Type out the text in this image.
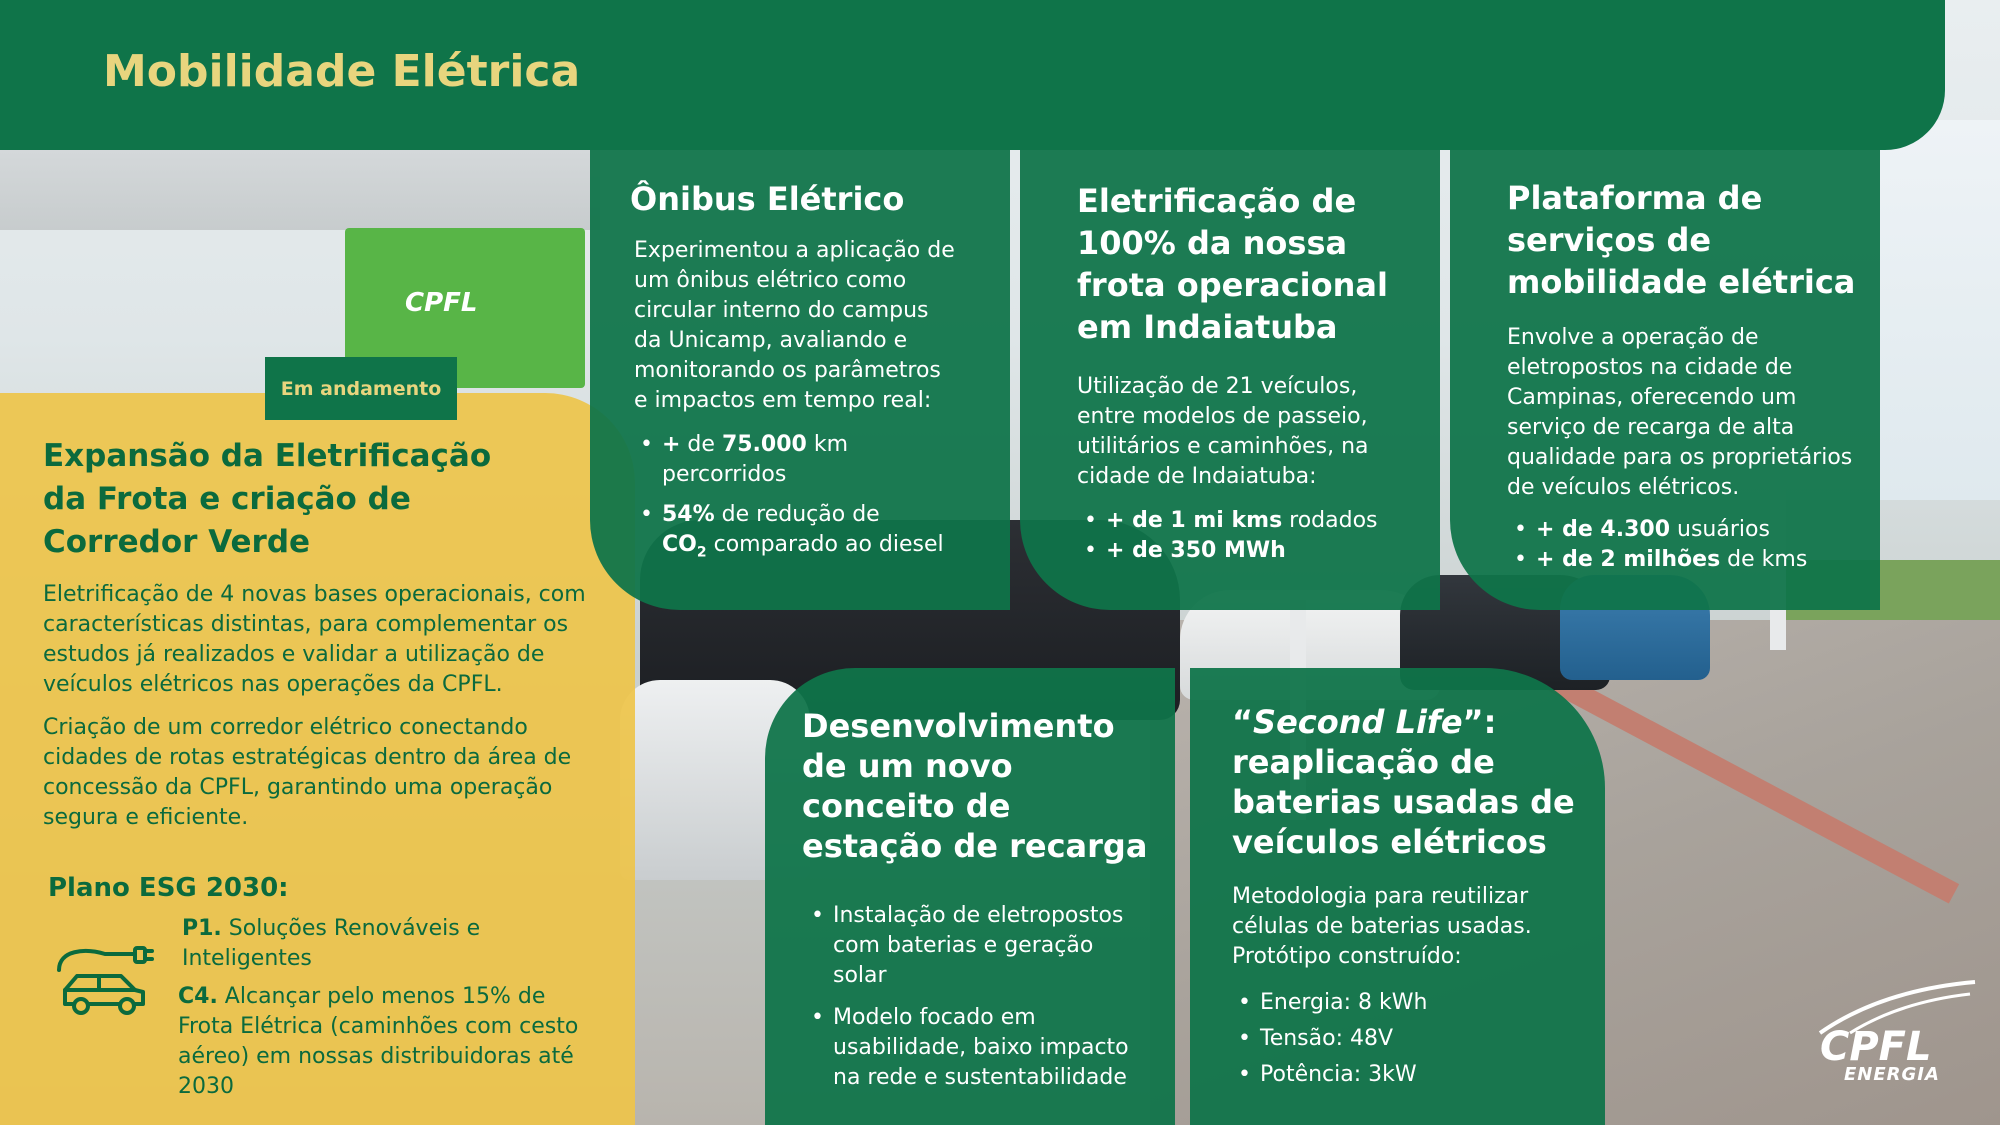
CPFL
Mobilidade Elétrica
Em andamento
Expansão da Eletrificação
da Frota e criação de
Corredor Verde

Eletrificação de 4 novas bases operacionais, com
características distintas, para complementar os
estudos já realizados e validar a utilização de
veículos elétricos nas operações da CPFL.

Criação de um corredor elétrico conectando
cidades de rotas estratégicas dentro da área de
concessão da CPFL, garantindo uma operação
segura e eficiente.

Plano ESG 2030:

P1. Soluções Renováveis e
Inteligentes

C4. Alcançar pelo menos 15% de
Frota Elétrica (caminhões com cesto
aéreo) em nossas distribuidoras até
2030

Ônibus Elétrico

Experimentou a aplicação de
um ônibus elétrico como
circular interno do campus
da Unicamp, avaliando e
monitorando os parâmetros
e impactos em tempo real:

• + de 75.000 km
percorridos
• 54% de redução de
$CO_2$ comparado ao diesel
Eletrificação de
100% da nossa
frota operacional
em Indaiatuba

Utilização de 21 veículos,
entre modelos de passeio,
utilitários e caminhões, na
cidade de Indaiatuba:

• + de 1 mi kms rodados
• + de 350 MWh
Plataforma de
serviços de
mobilidade elétrica

Envolve a operação de
eletropostos na cidade de
Campinas, oferecendo um
serviço de recarga de alta
qualidade para os proprietários
de veículos elétricos.

• + de 4.300 usuários
• + de 2 milhões de kms
Desenvolvimento
de um novo
conceito de
estação de recarga
• Instalação de eletropostos
com baterias e geração
solar
• Modelo focado em
usabilidade, baixo impacto
na rede e sustentabilidade
“Second Life”:
reaplicação de
baterias usadas de
veículos elétricos

Metodologia para reutilizar
células de baterias usadas.
Protótipo construído:

• Energia: 8 kWh
• Tensão: 48V
• Potência: 3kW
CPFL
ENERGIA
